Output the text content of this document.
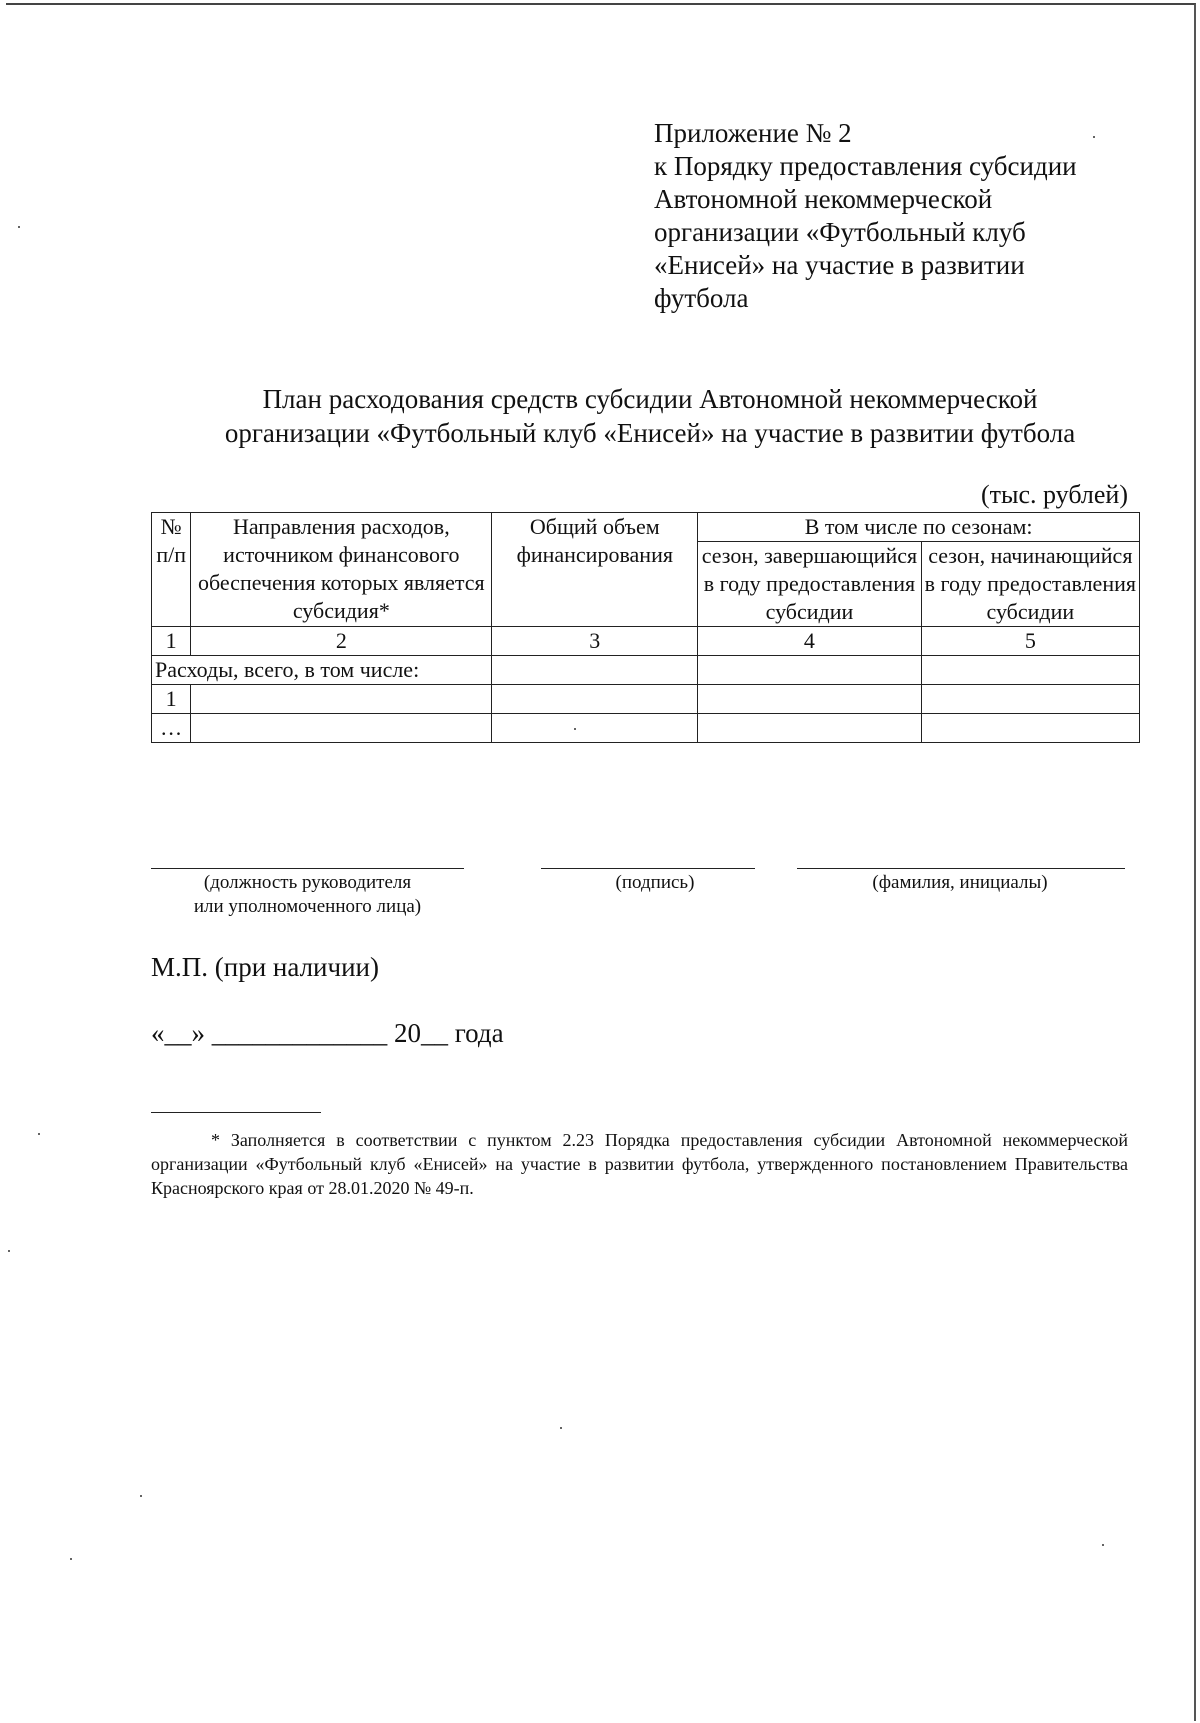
Приложение № 2
к Порядку предоставления субсидии
Автономной некоммерческой
организации «Футбольный клуб
«Енисей» на участие в развитии
футбола
План расходования средств субсидии Автономной некоммерческой
организации «Футбольный клуб «Енисей» на участие в развитии футбола
(тыс. рублей)
№ п/п	Направления расходов, источником финансового обеспечения которых является субсидия*	Общий объем финансирования	В том числе по сезонам:	
			сезон, завершающийся в году предоставления субсидии	сезон, начинающийся в году предоставления субсидии
1	2	3	4	5
Расходы, всего, в том числе:				
1				
…				
(должность руководителя
или уполномоченного лица)
(подпись)	(фамилия, инициалы)
М.П. (при наличии)
«__» _____________ 20__ года
* Заполняется в соответствии с пунктом 2.23 Порядка предоставления субсидии Автономной некоммерческой организации «Футбольный клуб «Енисей» на участие в развитии футбола, утвержденного постановлением Правительства Красноярского края от 28.01.2020 № 49-п.
